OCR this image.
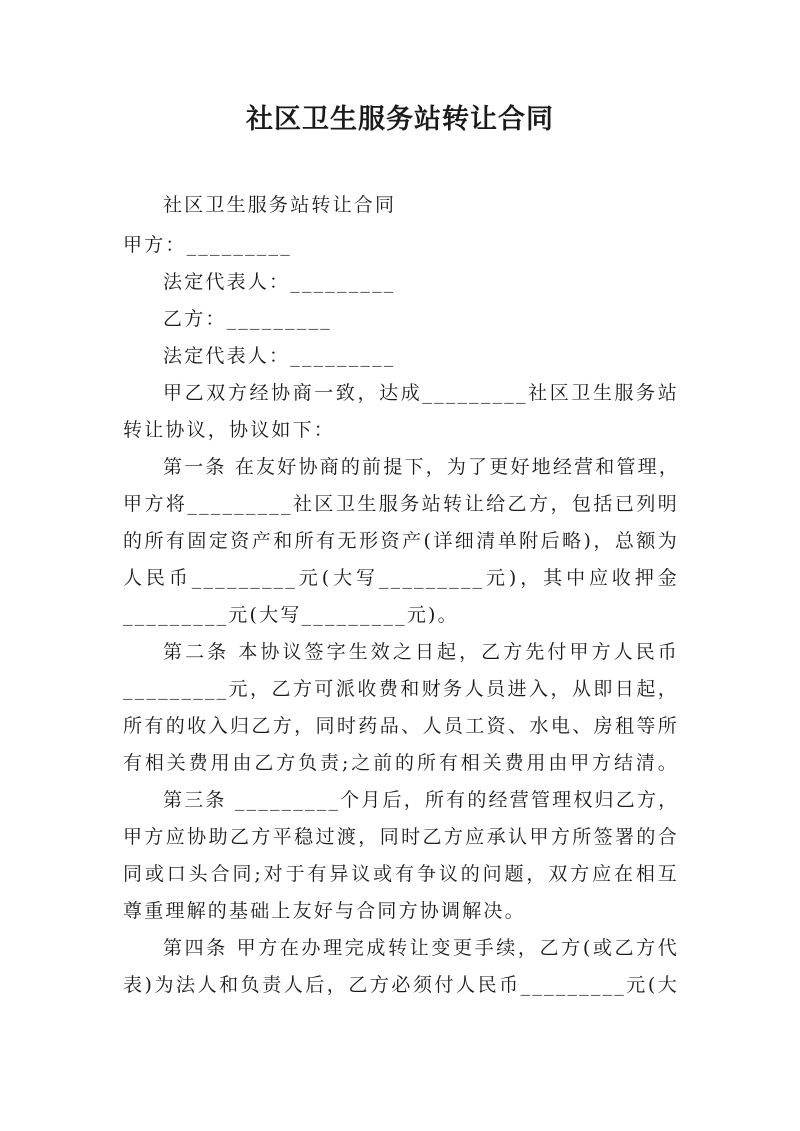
社区卫生服务站转让合同
社区卫生服务站转让合同
甲方：_________
法定代表人：_________
乙方：_________
法定代表人：_________
甲乙双方经协商一致，达成_________社区卫生服务站
转让协议，协议如下：
第一条 在友好协商的前提下，为了更好地经营和管理，
甲方将_________社区卫生服务站转让给乙方，包括已列明
的所有固定资产和所有无形资产(详细清单附后略)，总额为
人民币_________元(大写_________元)，其中应收押金
_________元(大写_________元)。
第二条 本协议签字生效之日起，乙方先付甲方人民币
_________元，乙方可派收费和财务人员进入，从即日起，
所有的收入归乙方，同时药品、人员工资、水电、房租等所
有相关费用由乙方负责;之前的所有相关费用由甲方结清。
第三条 _________个月后，所有的经营管理权归乙方，
甲方应协助乙方平稳过渡，同时乙方应承认甲方所签署的合
同或口头合同;对于有异议或有争议的问题，双方应在相互
尊重理解的基础上友好与合同方协调解决。
第四条 甲方在办理完成转让变更手续，乙方(或乙方代
表)为法人和负责人后，乙方必须付人民币_________元(大
